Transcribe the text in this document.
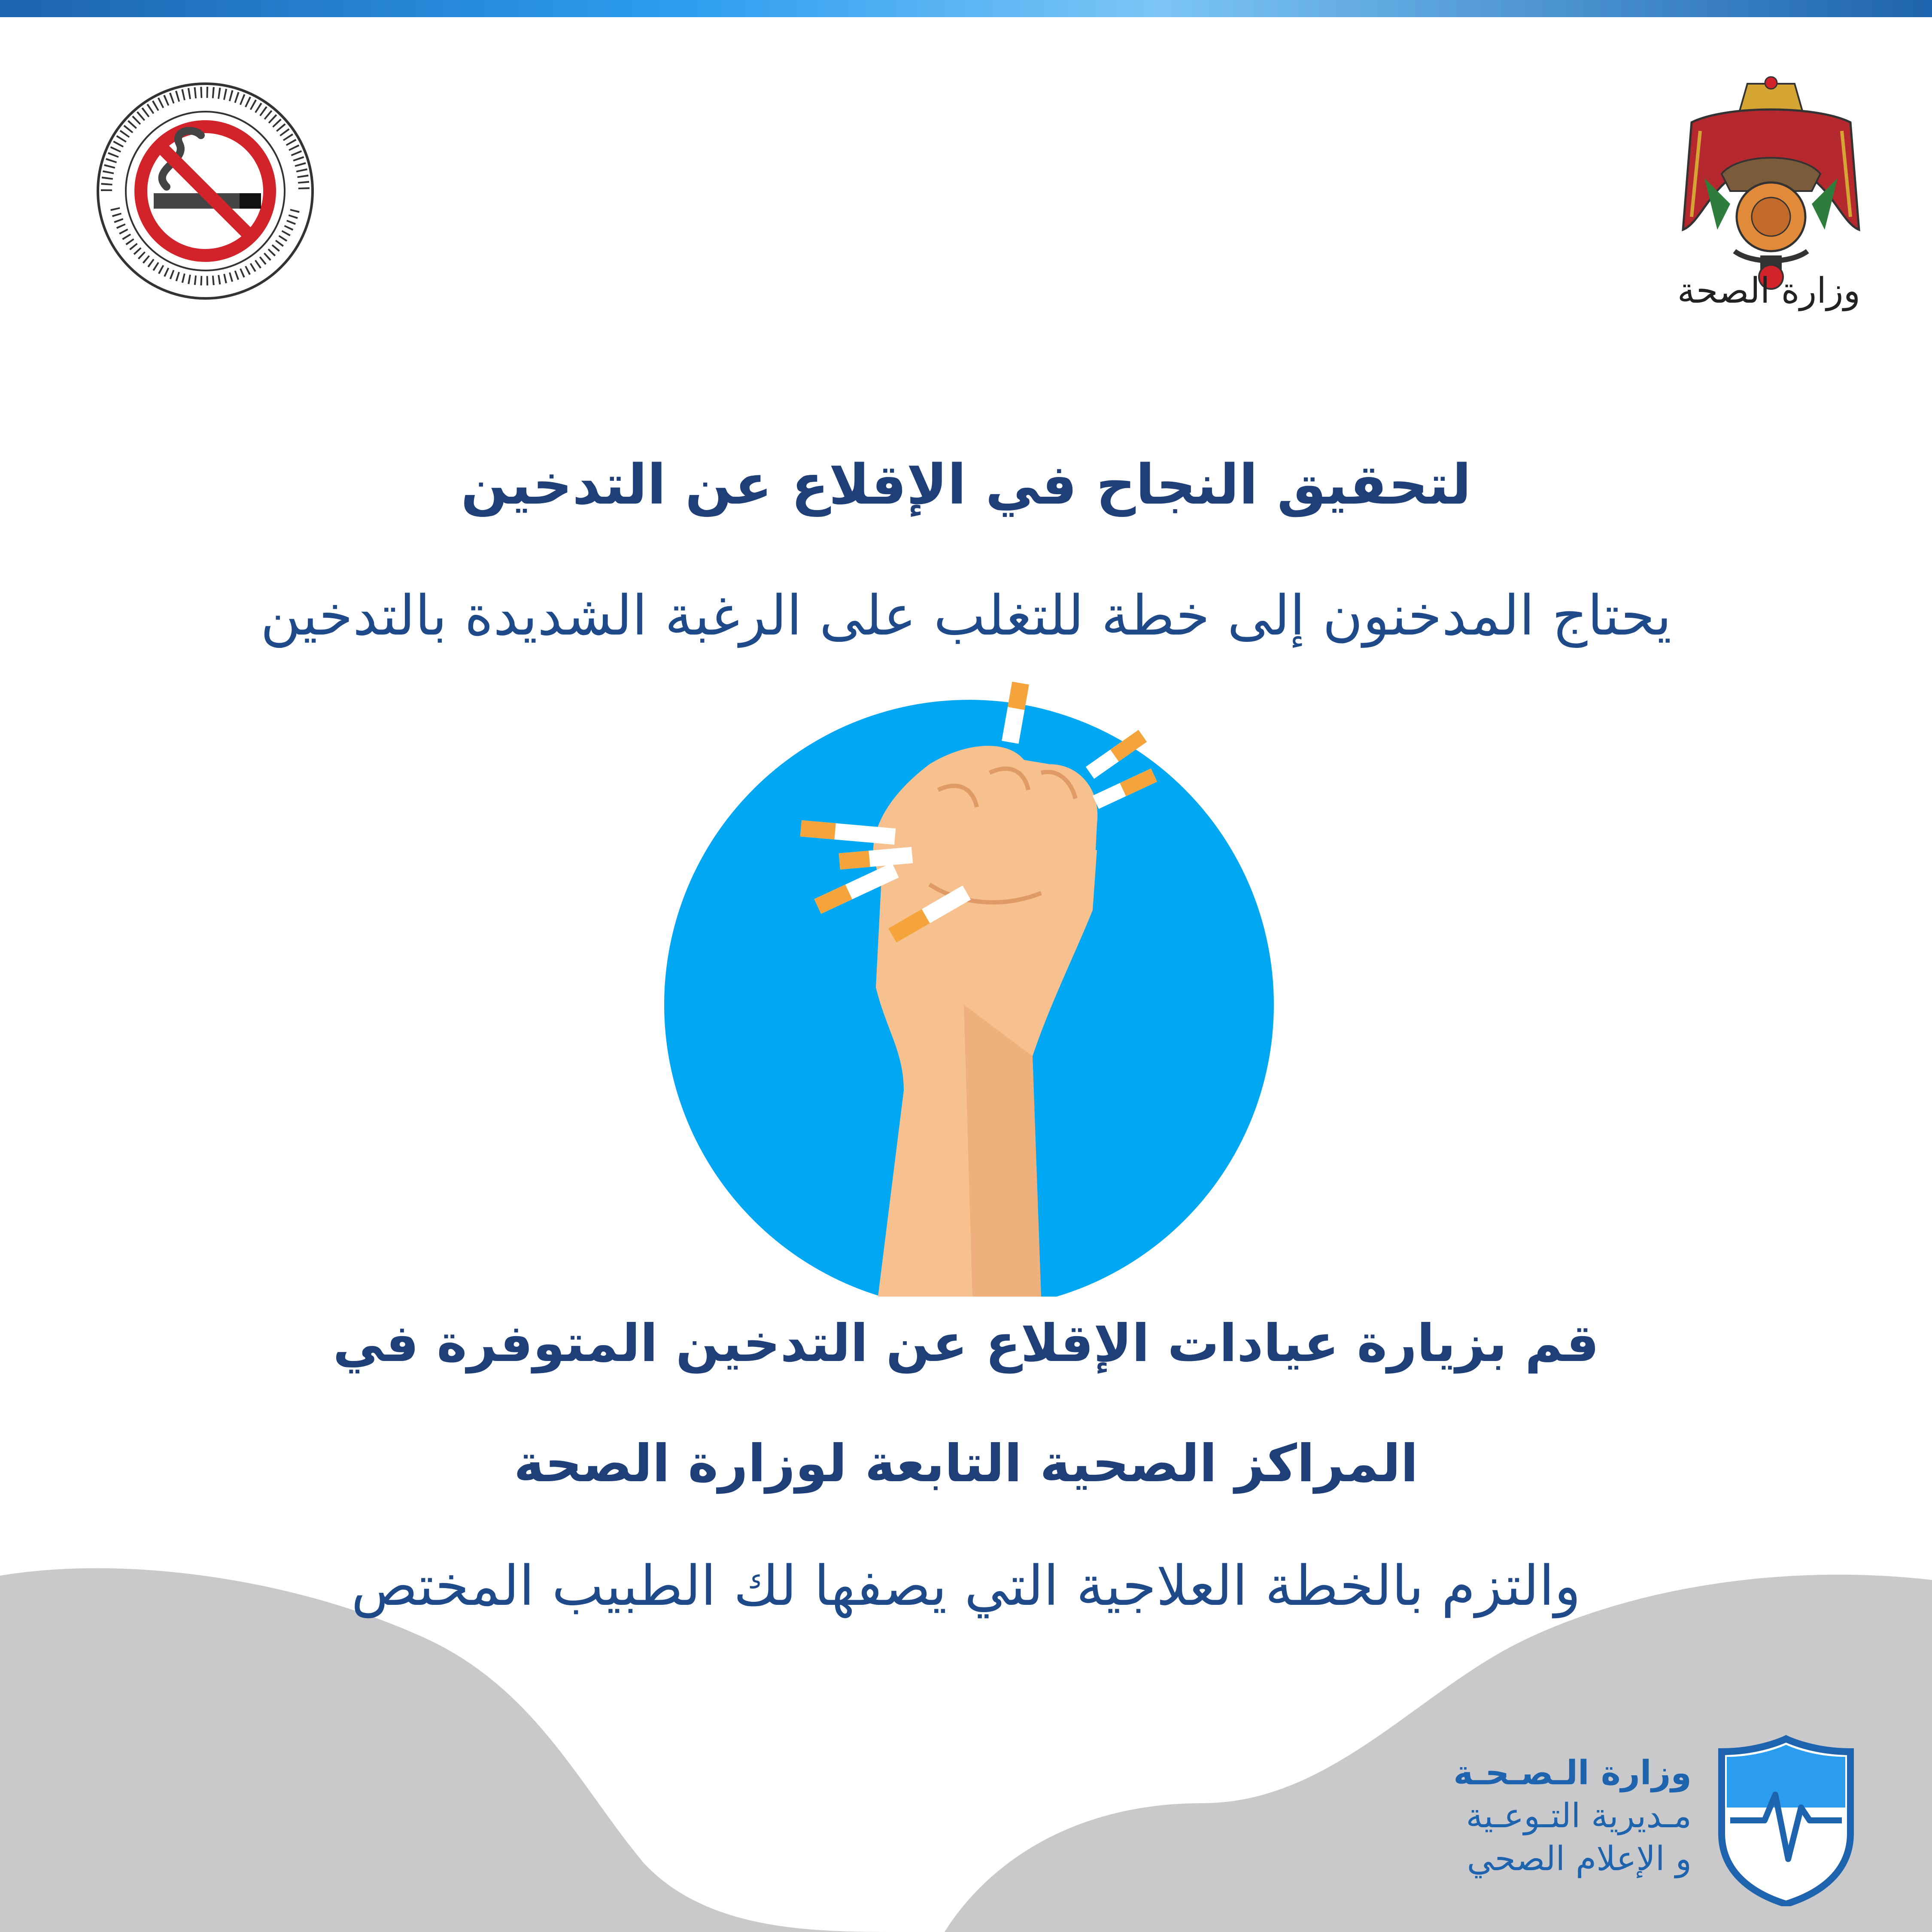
وزارة الصحة
لتحقيق النجاح في الإقلاع عن التدخين
يحتاج المدخنون إلى خطة للتغلب على الرغبة الشديدة بالتدخين
قم بزيارة عيادات الإقلاع عن التدخين المتوفرة في
المراكز الصحية التابعة لوزارة الصحة
والتزم بالخطة العلاجية التي يصفها لك الطبيب المختص
وزارة الـصـحـة
مـديرية التـوعـية
و الإعلام الصحي
